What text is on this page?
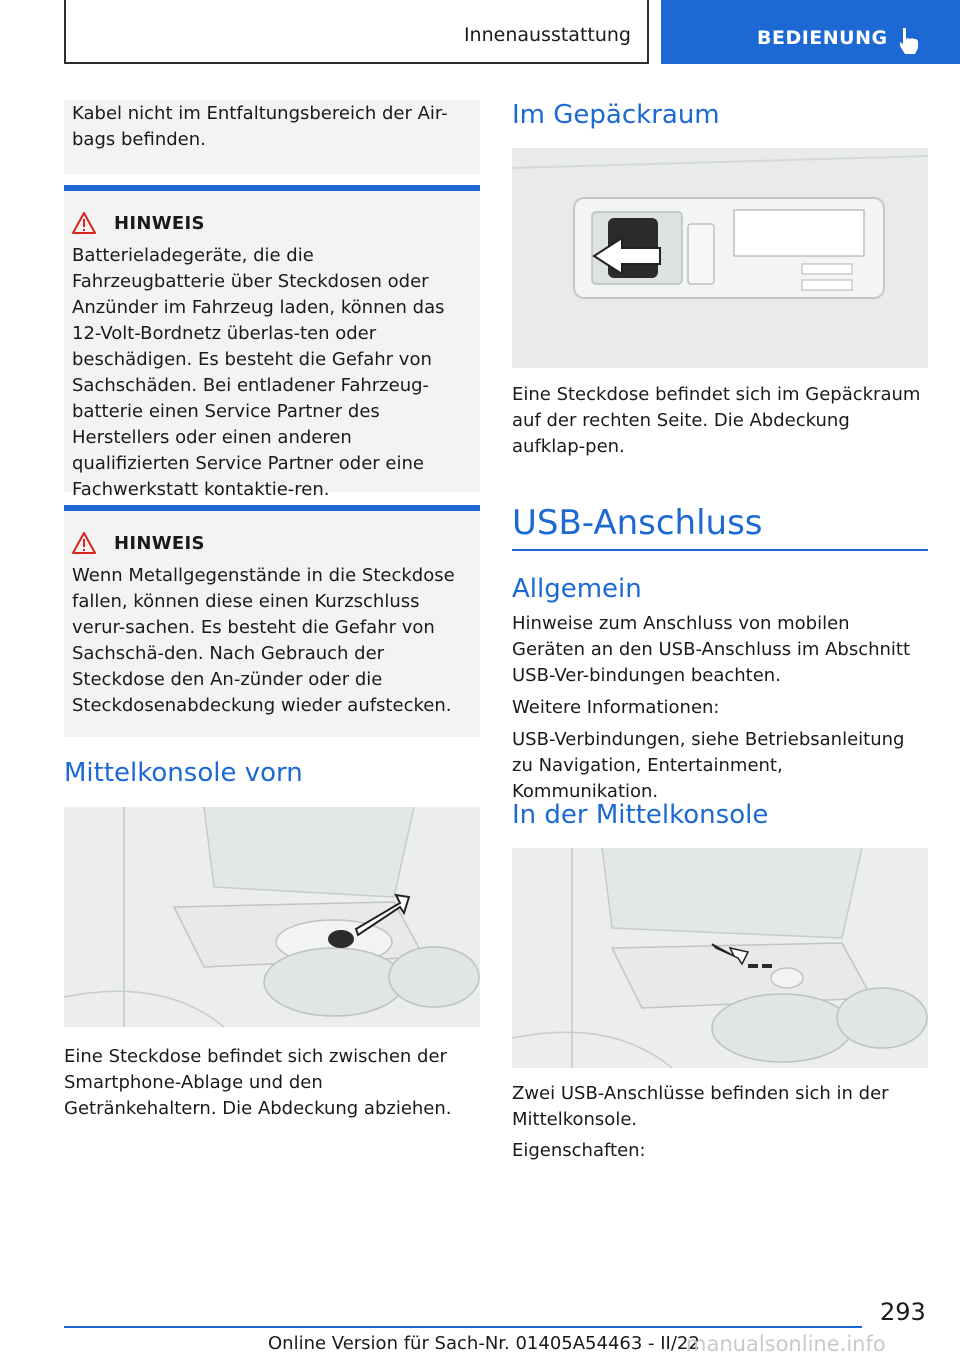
Innenausstattung	BEDIENUNG

Kabel nicht im Entfaltungsbereich der Air-bags befinden.

HINWEIS

Batterieladegeräte, die die Fahrzeugbatterie über Steckdosen oder Anzünder im Fahrzeug laden, können das 12-Volt-Bordnetz überlas-ten oder beschädigen. Es besteht die Gefahr von Sachschäden. Bei entladener Fahrzeug-batterie einen Service Partner des Herstellers oder einen anderen qualifizierten Service Partner oder eine Fachwerkstatt kontaktie-ren.

HINWEIS

Wenn Metallgegenstände in die Steckdose fallen, können diese einen Kurzschluss verur-sachen. Es besteht die Gefahr von Sachschä-den. Nach Gebrauch der Steckdose den An-zünder oder die Steckdosenabdeckung wieder aufstecken.

Mittelkonsole vorn

Eine Steckdose befindet sich zwischen der Smartphone-Ablage und den Getränkehaltern. Die Abdeckung abziehen.

Im Gepäckraum

Eine Steckdose befindet sich im Gepäckraum auf der rechten Seite. Die Abdeckung aufklap-pen.

USB-Anschluss
Allgemein

Hinweise zum Anschluss von mobilen Geräten an den USB-Anschluss im Abschnitt USB-Ver-bindungen beachten.

Weitere Informationen:

USB-Verbindungen, siehe Betriebsanleitung zu Navigation, Entertainment, Kommunikation.

In der Mittelkonsole

Zwei USB-Anschlüsse befinden sich in der Mittelkonsole.

Eigenschaften:

293
Online Version für Sach-Nr. 01405A54463 - II/22
manualsonline.info
